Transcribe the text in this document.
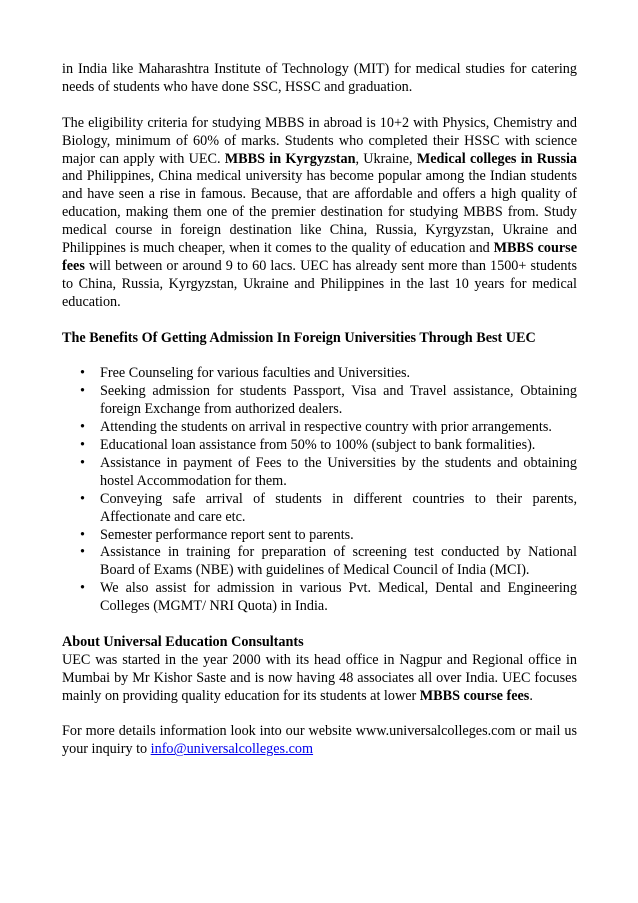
in India like Maharashtra Institute of Technology (MIT) for medical studies for catering needs of students who have done SSC, HSSC and graduation.

The eligibility criteria for studying MBBS in abroad is 10+2 with Physics, Chemistry and Biology, minimum of 60% of marks. Students who completed their HSSC with science major can apply with UEC. MBBS in Kyrgyzstan, Ukraine, Medical colleges in Russia and Philippines, China medical university has become popular among the Indian students and have seen a rise in famous. Because, that are affordable and offers a high quality of education, making them one of the premier destination for studying MBBS from. Study medical course in foreign destination like China, Russia, Kyrgyzstan, Ukraine and Philippines is much cheaper, when it comes to the quality of education and MBBS course fees will between or around 9 to 60 lacs. UEC has already sent more than 1500+ students to China, Russia, Kyrgyzstan, Ukraine and Philippines in the last 10 years for medical education.

The Benefits Of Getting Admission In Foreign Universities Through Best UEC

• Free Counseling for various faculties and Universities.
• Seeking admission for students Passport, Visa and Travel assistance, Obtaining foreign Exchange from authorized dealers.
• Attending the students on arrival in respective country with prior arrangements.
• Educational loan assistance from 50% to 100% (subject to bank formalities).
• Assistance in payment of Fees to the Universities by the students and obtaining hostel Accommodation for them.
• Conveying safe arrival of students in different countries to their parents, Affectionate and care etc.
• Semester performance report sent to parents.
• Assistance in training for preparation of screening test conducted by National Board of Exams (NBE) with guidelines of Medical Council of India (MCI).
• We also assist for admission in various Pvt. Medical, Dental and Engineering Colleges (MGMT/ NRI Quota) in India.

About Universal Education Consultants

UEC was started in the year 2000 with its head office in Nagpur and Regional office in Mumbai by Mr Kishor Saste and is now having 48 associates all over India. UEC focuses mainly on providing quality education for its students at lower MBBS course fees.

For more details information look into our website www.universalcolleges.com or mail us your inquiry to info@universalcolleges.com
